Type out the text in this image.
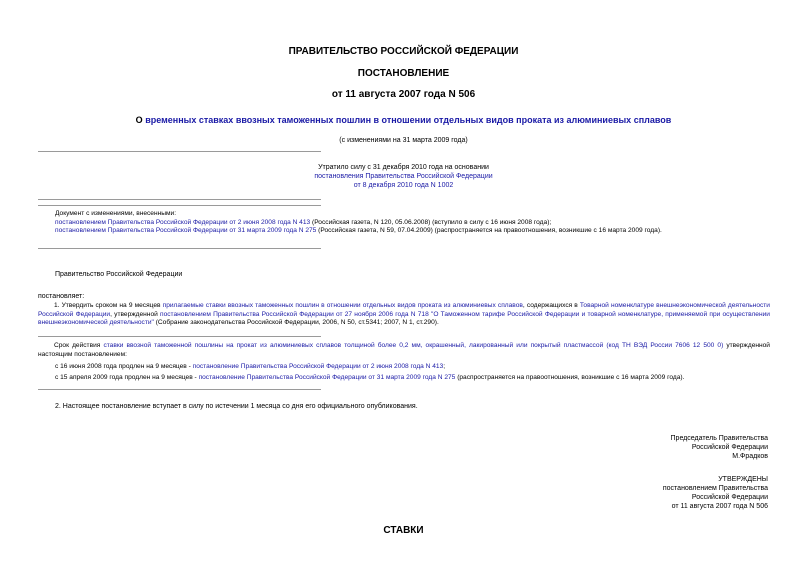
ПРАВИТЕЛЬСТВО РОССИЙСКОЙ ФЕДЕРАЦИИ
ПОСТАНОВЛЕНИЕ
от 11 августа 2007 года N 506
О временных ставках ввозных таможенных пошлин в отношении отдельных видов проката из алюминиевых сплавов
(с изменениями на 31 марта 2009 года)
Утратило силу с 31 декабря 2010 года на основании
постановления Правительства Российской Федерации
от 8 декабря 2010 года N 1002
Документ с изменениями, внесенными:
постановлением Правительства Российской Федерации от 2 июня 2008 года N 413 (Российская газета, N 120, 05.06.2008) (вступило в силу с 16 июня 2008 года);
постановлением Правительства Российской Федерации от 31 марта 2009 года N 275 (Российская газета, N 59, 07.04.2009) (распространяется на правоотношения, возникшие с 16 марта 2009 года).
Правительство Российской Федерации
постановляет:
1. Утвердить сроком на 9 месяцев прилагаемые ставки ввозных таможенных пошлин в отношении отдельных видов проката из алюминиевых сплавов, содержащихся в Товарной номенклатуре внешнеэкономической деятельности Российской Федерации, утвержденной постановлением Правительства Российской Федерации от 27 ноября 2006 года N 718 "О Таможенном тарифе Российской Федерации и товарной номенклатуре, применяемой при осуществлении внешнеэкономической деятельности" (Собрание законодательства Российской Федерации, 2006, N 50, ст.5341; 2007, N 1, ст.290).
Срок действия ставки ввозной таможенной пошлины на прокат из алюминиевых сплавов толщиной более 0,2 мм, окрашенный, лакированный или покрытый пластмассой (код ТН ВЭД России 7606 12 500 0) утвержденной настоящим постановлением:
с 16 июня 2008 года продлен на 9 месяцев - постановление Правительства Российской Федерации от 2 июня 2008 года N 413;
с 15 апреля 2009 года продлен на 9 месяцев - постановление Правительства Российской Федерации от 31 марта 2009 года N 275 (распространяется на правоотношения, возникшие с 16 марта 2009 года).
2. Настоящее постановление вступает в силу по истечении 1 месяца со дня его официального опубликования.
Председатель Правительства
Российской Федерации
М.Фрадков
УТВЕРЖДЕНЫ
постановлением Правительства
Российской Федерации
от 11 августа 2007 года N 506
СТАВКИ
